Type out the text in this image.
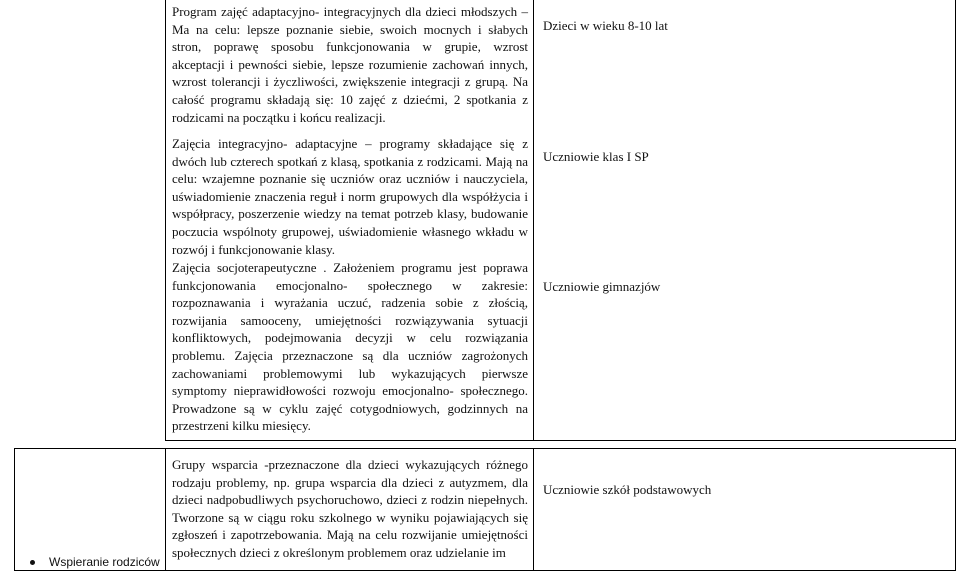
Program zajęć adaptacyjno- integracyjnych dla dzieci młodszych – Ma na celu: lepsze poznanie siebie, swoich mocnych i słabych stron, poprawę sposobu funkcjonowania w grupie, wzrost akceptacji i pewności siebie, lepsze rozumienie zachowań innych, wzrost tolerancji i życzliwości, zwiększenie integracji z grupą. Na całość programu składają się: 10 zajęć z dziećmi, 2 spotkania z rodzicami na początku i końcu realizacji.

Dzieci w wieku 8-10 lat

Zajęcia integracyjno- adaptacyjne – programy składające się z dwóch lub czterech spotkań z klasą, spotkania z rodzicami. Mają na celu: wzajemne poznanie się uczniów oraz uczniów i nauczyciela, uświadomienie znaczenia reguł i norm grupowych dla współżycia i współpracy, poszerzenie wiedzy na temat potrzeb klasy, budowanie poczucia wspólnoty grupowej, uświadomienie własnego wkładu w rozwój i funkcjonowanie klasy.

Uczniowie klas I SP

Zajęcia socjoterapeutyczne . Założeniem programu jest poprawa funkcjonowania emocjonalno- społecznego w zakresie: rozpoznawania i wyrażania uczuć, radzenia sobie z złością, rozwijania samooceny, umiejętności rozwiązywania sytuacji konfliktowych, podejmowania decyzji w celu rozwiązania problemu. Zajęcia przeznaczone są dla uczniów zagrożonych zachowaniami problemowymi lub wykazujących pierwsze symptomy nieprawidłowości rozwoju emocjonalno- społecznego. Prowadzone są w cyklu zajęć cotygodniowych, godzinnych na przestrzeni kilku miesięcy.

Uczniowie gimnazjów

Grupy wsparcia -przeznaczone dla dzieci wykazujących różnego rodzaju problemy, np. grupa wsparcia dla dzieci z autyzmem, dla dzieci nadpobudliwych psychoruchowo, dzieci z rodzin niepełnych. Tworzone są w ciągu roku szkolnego w wyniku pojawiających się zgłoszeń i zapotrzebowania. Mają na celu rozwijanie umiejętności społecznych dzieci z określonym problemem oraz udzielanie im

Uczniowie szkół podstawowych
Wspieranie rodziców
